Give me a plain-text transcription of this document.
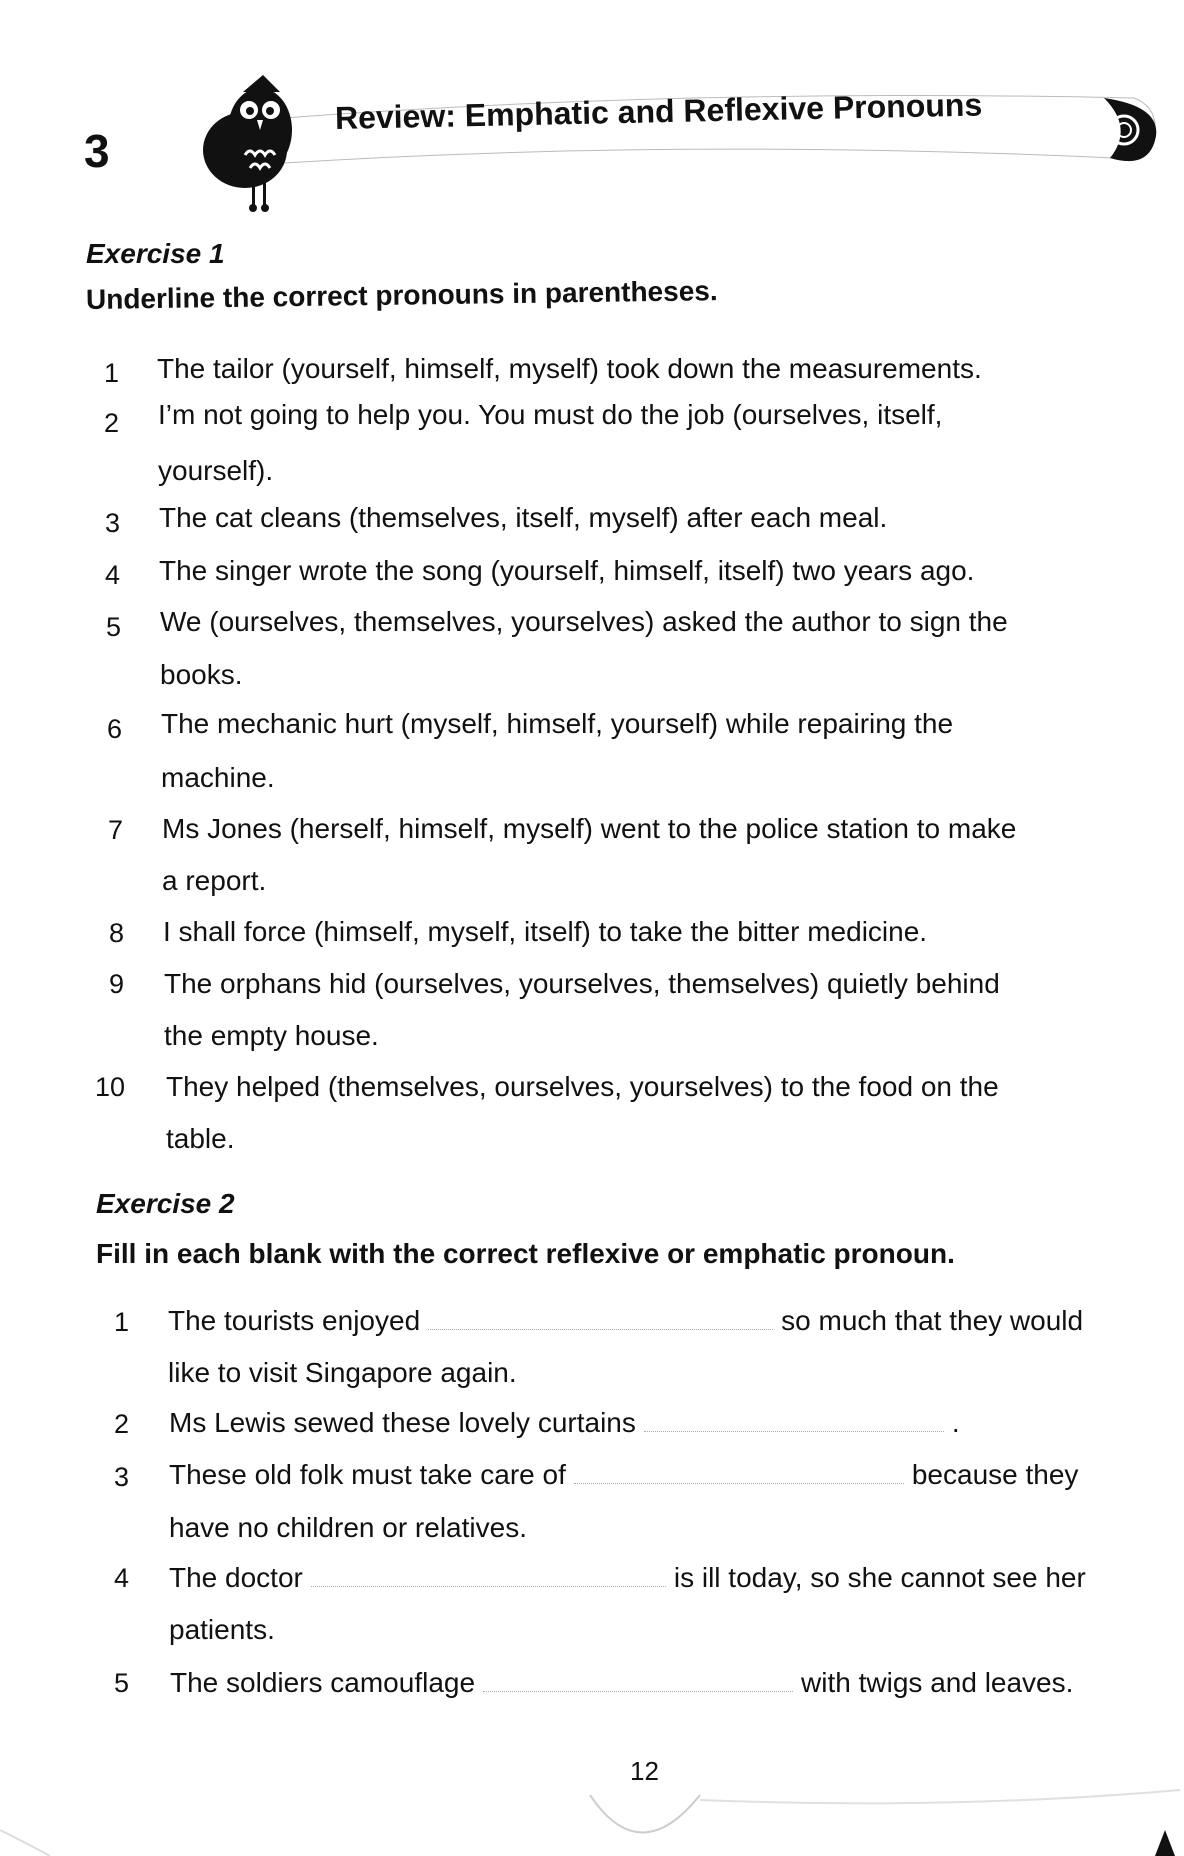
3
Review: Emphatic and Reflexive Pronouns
Exercise 1
Underline the correct pronouns in parentheses.
1 The tailor (yourself, himself, myself) took down the measurements.
2 I’m not going to help you. You must do the job (ourselves, itself,
yourself).
3 The cat cleans (themselves, itself, myself) after each meal.
4 The singer wrote the song (yourself, himself, itself) two years ago.
5 We (ourselves, themselves, yourselves) asked the author to sign the
books.
6 The mechanic hurt (myself, himself, yourself) while repairing the
machine.
7 Ms Jones (herself, himself, myself) went to the police station to make
a report.
8 I shall force (himself, myself, itself) to take the bitter medicine.
9 The orphans hid (ourselves, yourselves, themselves) quietly behind
the empty house.
10 They helped (themselves, ourselves, yourselves) to the food on the
table.
Exercise 2
Fill in each blank with the correct reflexive or emphatic pronoun.
1 The tourists enjoyed	so much that they would
like to visit Singapore again.
2 Ms Lewis sewed these lovely curtains	.
3 These old folk must take care of	because they
have no children or relatives.
4 The doctor	is ill today, so she cannot see her
patients.
5 The soldiers camouflage	with twigs and leaves.
12
